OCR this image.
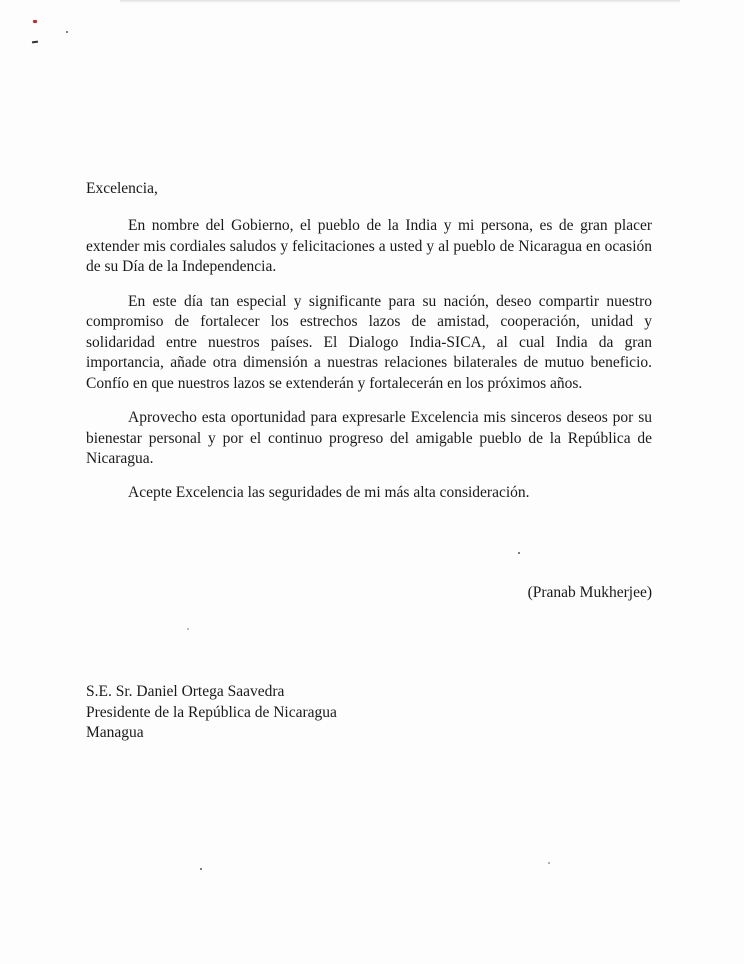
Excelencia,

En nombre del Gobierno, el pueblo de la India y mi persona, es de gran placer extender mis cordiales saludos y felicitaciones a usted y al pueblo de Nicaragua en ocasión de su Día de la Independencia.

En este día tan especial y significante para su nación, deseo compartir nuestro compromiso de fortalecer los estrechos lazos de amistad, cooperación, unidad y solidaridad entre nuestros países. El Dialogo India-SICA, al cual India da gran importancia, añade otra dimensión a nuestras relaciones bilaterales de mutuo beneficio. Confío en que nuestros lazos se extenderán y fortalecerán en los próximos años.

Aprovecho esta oportunidad para expresarle Excelencia mis sinceros deseos por su bienestar personal y por el continuo progreso del amigable pueblo de la República de Nicaragua.

Acepte Excelencia las seguridades de mi más alta consideración.
(Pranab Mukherjee)
S.E. Sr. Daniel Ortega Saavedra
Presidente de la República de Nicaragua
Managua
